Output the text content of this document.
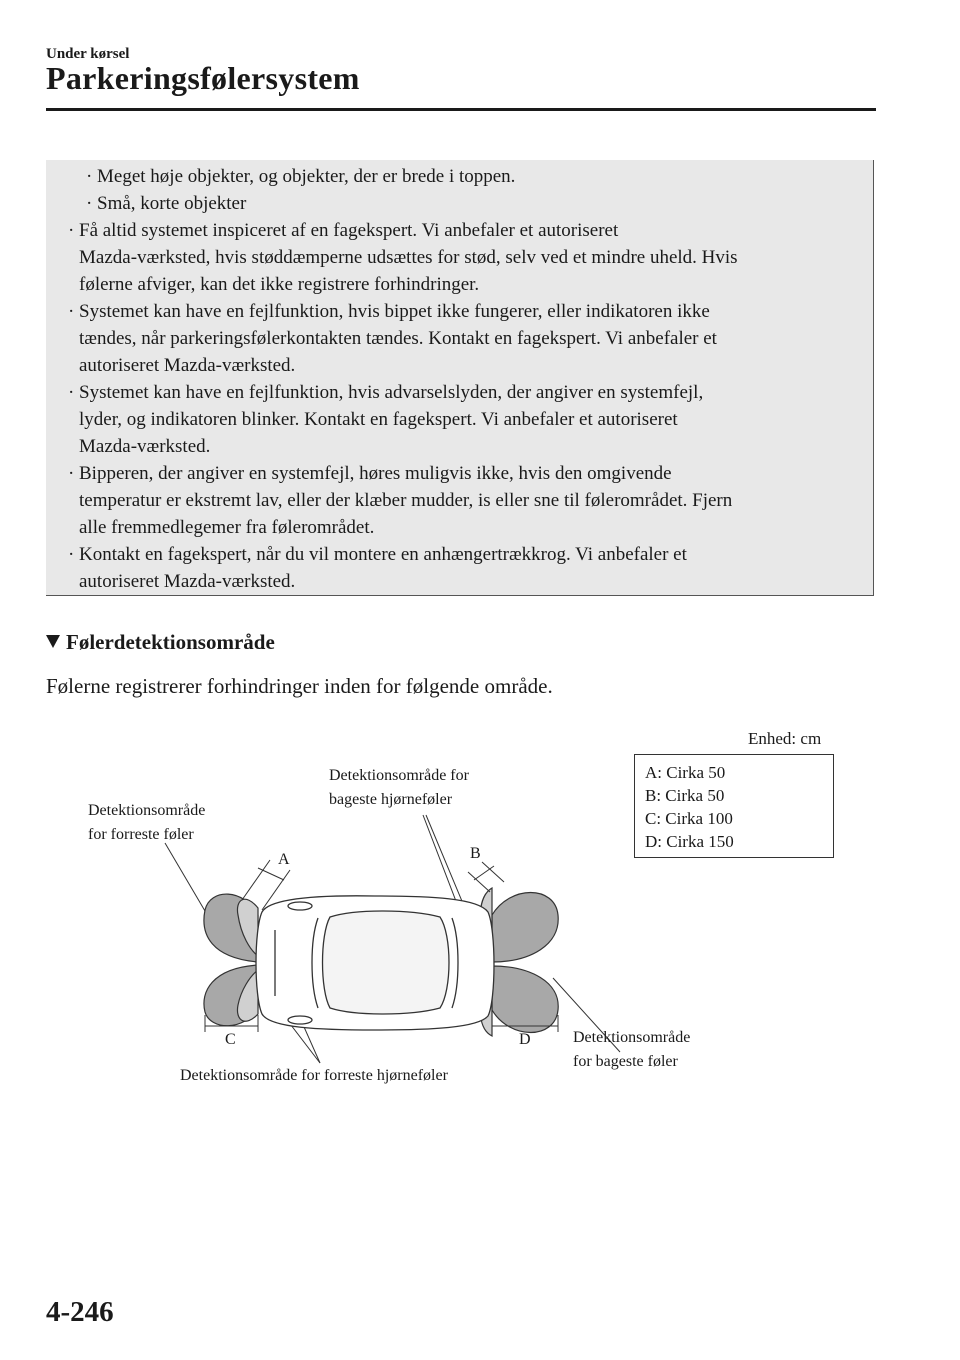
Under kørsel
Parkeringsfølersystem
· Meget høje objekter, og objekter, der er brede i toppen.
· Små, korte objekter
· Få altid systemet inspiceret af en fagekspert. Vi anbefaler et autoriseret
Mazda-værksted, hvis støddæmperne udsættes for stød, selv ved et mindre uheld. Hvis
følerne afviger, kan det ikke registrere forhindringer.
· Systemet kan have en fejlfunktion, hvis bippet ikke fungerer, eller indikatoren ikke
tændes, når parkeringsfølerkontakten tændes. Kontakt en fagekspert. Vi anbefaler et
autoriseret Mazda-værksted.
· Systemet kan have en fejlfunktion, hvis advarselslyden, der angiver en systemfejl,
lyder, og indikatoren blinker. Kontakt en fagekspert. Vi anbefaler et autoriseret
Mazda-værksted.
· Bipperen, der angiver en systemfejl, høres muligvis ikke, hvis den omgivende
temperatur er ekstremt lav, eller der klæber mudder, is eller sne til følerområdet. Fjern
alle fremmedlegemer fra følerområdet.
· Kontakt en fagekspert, når du vil montere en anhængertrækkrog. Vi anbefaler et
autoriseret Mazda-værksted.
Følerdetektionsområde
Følerne registrerer forhindringer inden for følgende område.
Enhed: cm
A: Cirka 50
B: Cirka 50
C: Cirka 100
D: Cirka 150
Detektionsområde
for forreste føler
Detektionsområde for
bageste hjørneføler
Detektionsområde
for bageste føler
Detektionsområde for forreste hjørneføler
A	B
C	D
4-246
